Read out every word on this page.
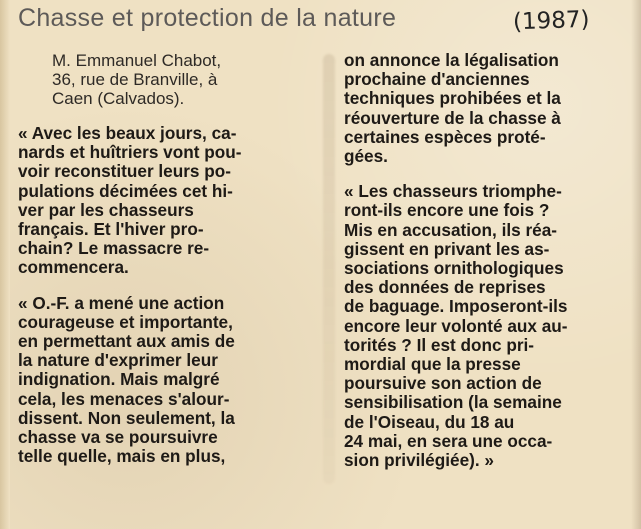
Chasse et protection de la nature	(1987)
M. Emmanuel Chabot,
36, rue de Branville, à
Caen (Calvados).
« Avec les beaux jours, ca-
nards et huîtriers vont pou-
voir reconstituer leurs po-
pulations décimées cet hi-
ver par les chasseurs
français. Et l'hiver pro-
chain? Le massacre re-
commencera.
« O.-F. a mené une action
courageuse et importante,
en permettant aux amis de
la nature d'exprimer leur
indignation. Mais malgré
cela, les menaces s'alour-
dissent. Non seulement, la
chasse va se poursuivre
telle quelle, mais en plus,
on annonce la légalisation
prochaine d'anciennes
techniques prohibées et la
réouverture de la chasse à
certaines espèces proté-
gées.
« Les chasseurs triomphe-
ront-ils encore une fois ?
Mis en accusation, ils réa-
gissent en privant les as-
sociations ornithologiques
des données de reprises
de baguage. Imposeront-ils
encore leur volonté aux au-
torités ? Il est donc pri-
mordial que la presse
poursuive son action de
sensibilisation (la semaine
de l'Oiseau, du 18 au
24 mai, en sera une occa-
sion privilégiée). »
